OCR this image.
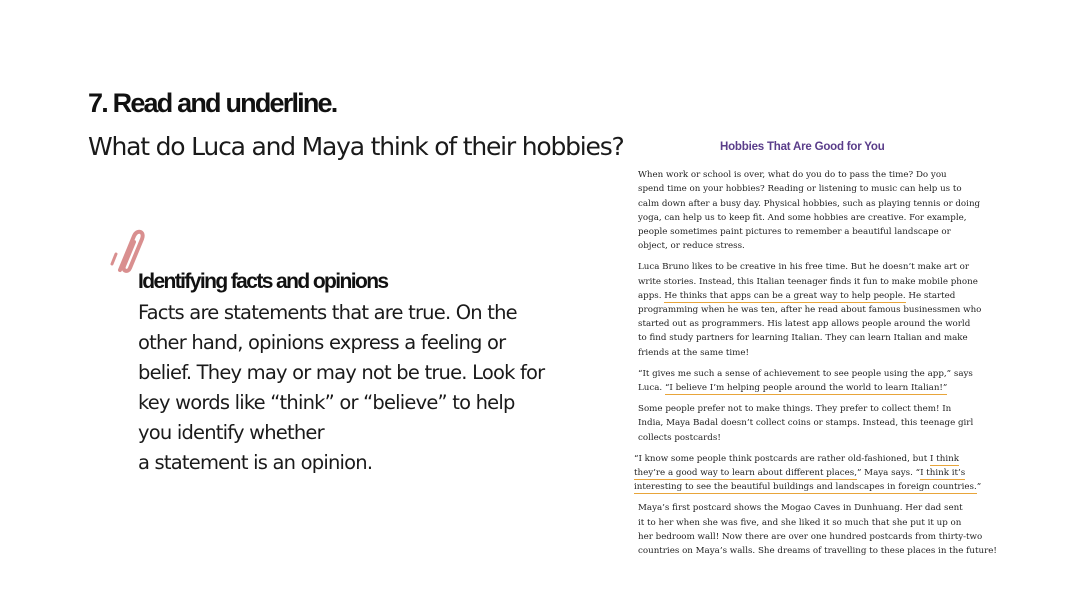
7. Read and underline.
What do Luca and Maya think of their hobbies?
Identifying facts and opinions
Facts are statements that are true. On the
other hand, opinions express a feeling or
belief. They may or may not be true. Look for
key words like “think” or “believe” to help
you identify whether
a statement is an opinion.
Hobbies That Are Good for You
When work or school is over, what do you do to pass the time? Do you
spend time on your hobbies? Reading or listening to music can help us to
calm down after a busy day. Physical hobbies, such as playing tennis or doing
yoga, can help us to keep fit. And some hobbies are creative. For example,
people sometimes paint pictures to remember a beautiful landscape or
object, or reduce stress.
Luca Bruno likes to be creative in his free time. But he doesn’t make art or
write stories. Instead, this Italian teenager finds it fun to make mobile phone
apps. He thinks that apps can be a great way to help people. He started
programming when he was ten, after he read about famous businessmen who
started out as programmers. His latest app allows people around the world
to find study partners for learning Italian. They can learn Italian and make
friends at the same time!
“It gives me such a sense of achievement to see people using the app,” says
Luca. “I believe I’m helping people around the world to learn Italian!”
Some people prefer not to make things. They prefer to collect them! In
India, Maya Badal doesn’t collect coins or stamps. Instead, this teenage girl
collects postcards!
“I know some people think postcards are rather old-fashioned, but I think
they’re a good way to learn about different places,” Maya says. “I think it’s
interesting to see the beautiful buildings and landscapes in foreign countries.”
Maya’s first postcard shows the Mogao Caves in Dunhuang. Her dad sent
it to her when she was five, and she liked it so much that she put it up on
her bedroom wall! Now there are over one hundred postcards from thirty-two
countries on Maya’s walls. She dreams of travelling to these places in the future!
